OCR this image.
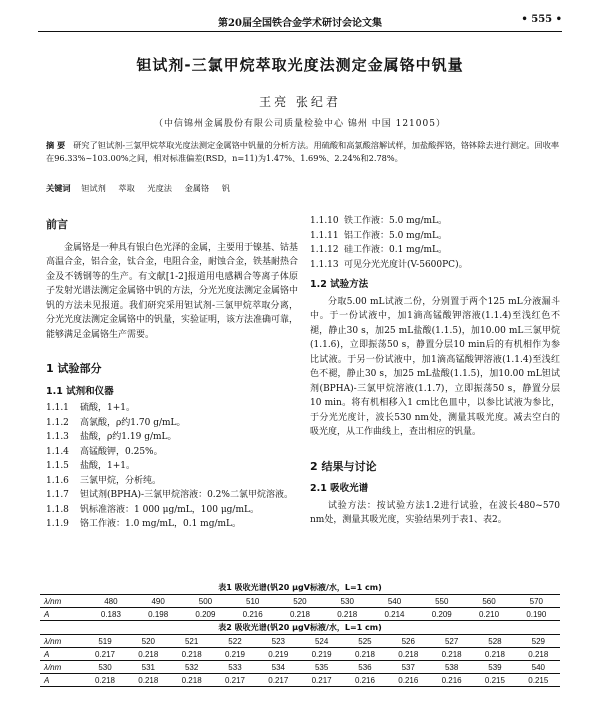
第20届全国铁合金学术研讨会论文集	• 555 •
钽试剂-三氯甲烷萃取光度法测定金属铬中钒量
王亮 张纪君
（中信锦州金属股份有限公司质量检验中心 锦州 中国 121005）
摘 要 研究了钽试剂-三氯甲烷萃取光度法测定金属铬中钒量的分析方法。用硫酸和高氯酸溶解试样，加盐酸挥铬，铬钵除去进行测定。回收率在96.33%~103.00%之间，相对标准偏差(RSD，n=11)为1.47%、1.69%、2.24%和2.78%。
关键词 钽试剂 萃取 光度法 金属铬 钒
前言
金属铬是一种具有银白色光泽的金属，主要用于镍基、钴基高温合金，铝合金，钛合金，电阻合金，耐蚀合金，铁基耐热合金及不锈钢等的生产。有文献[1-2]报道用电感耦合等离子体原子发射光谱法测定金属铬中钒的方法，分光光度法测定金属铬中钒的方法未见报道。我们研究采用钽试剂-三氯甲烷萃取分离，分光光度法测定金属铬中的钒量，实验证明，该方法准确可靠，能够满足金属铬生产需要。
1 试验部分
1.1 试剂和仪器
1.1.1	硫酸，1+1。
1.1.2	高氯酸，ρ约1.70 g/mL。
1.1.3	盐酸，ρ约1.19 g/mL。
1.1.4	高锰酸钾，0.25%。
1.1.5	盐酸，1+1。
1.1.6	三氯甲烷，分析纯。
1.1.7	钽试剂(BPHA)-三氯甲烷溶液：0.2%二氯甲烷溶液。
1.1.8	钒标准溶液：1 000 μg/mL，100 μg/mL。
1.1.9	铬工作液：1.0 mg/mL，0.1 mg/mL。
1.1.10 铁工作液：5.0 mg/mL。
1.1.11 铝工作液：5.0 mg/mL。
1.1.12 硅工作液：0.1 mg/mL。
1.1.13 可见分光光度计(V-5600PC)。
1.2 试验方法
分取5.00 mL试液二份，分别置于两个125 mL分液漏斗中。于一份试液中，加1滴高锰酸钾溶液(1.1.4)至浅红色不褪，静止30 s，加25 mL盐酸(1.1.5)，加10.00 mL三氯甲烷(1.1.6)，立即振荡50 s，静置分层10 min后的有机相作为参比试液。于另一份试液中，加1滴高锰酸钾溶液(1.1.4)至浅红色不褪，静止30 s，加25 mL盐酸(1.1.5)，加10.00 mL钽试剂(BPHA)-三氯甲烷溶液(1.1.7)，立即振荡50 s，静置分层10 min。将有机相移入1 cm比色皿中，以参比试液为参比，于分光光度计，波长530 nm处，测量其吸光度。减去空白的吸光度，从工作曲线上，查出相应的钒量。
2 结果与讨论
2.1 吸收光谱
试验方法：按试验方法1.2进行试验，在波长480~570 nm处，测量其吸光度，实验结果列于表1、表2。
表1 吸收光谱(钒20 μgV标液/水，L=1 cm)
λ/nm	480	490	500	510	520	530	540	550	560	570
A	0.183	0.198	0.209	0.216	0.218	0.218	0.214	0.209	0.210	0.190
表2 吸收光谱(钒20 μgV标液/水，L=1 cm)
λ/nm	519	520	521	522	523	524	525	526	527	528	529
A	0.217	0.218	0.218	0.219	0.219	0.219	0.218	0.218	0.218	0.218	0.218
λ/nm	530	531	532	533	534	535	536	537	538	539	540
A	0.218	0.218	0.218	0.217	0.217	0.217	0.216	0.216	0.216	0.215	0.215
